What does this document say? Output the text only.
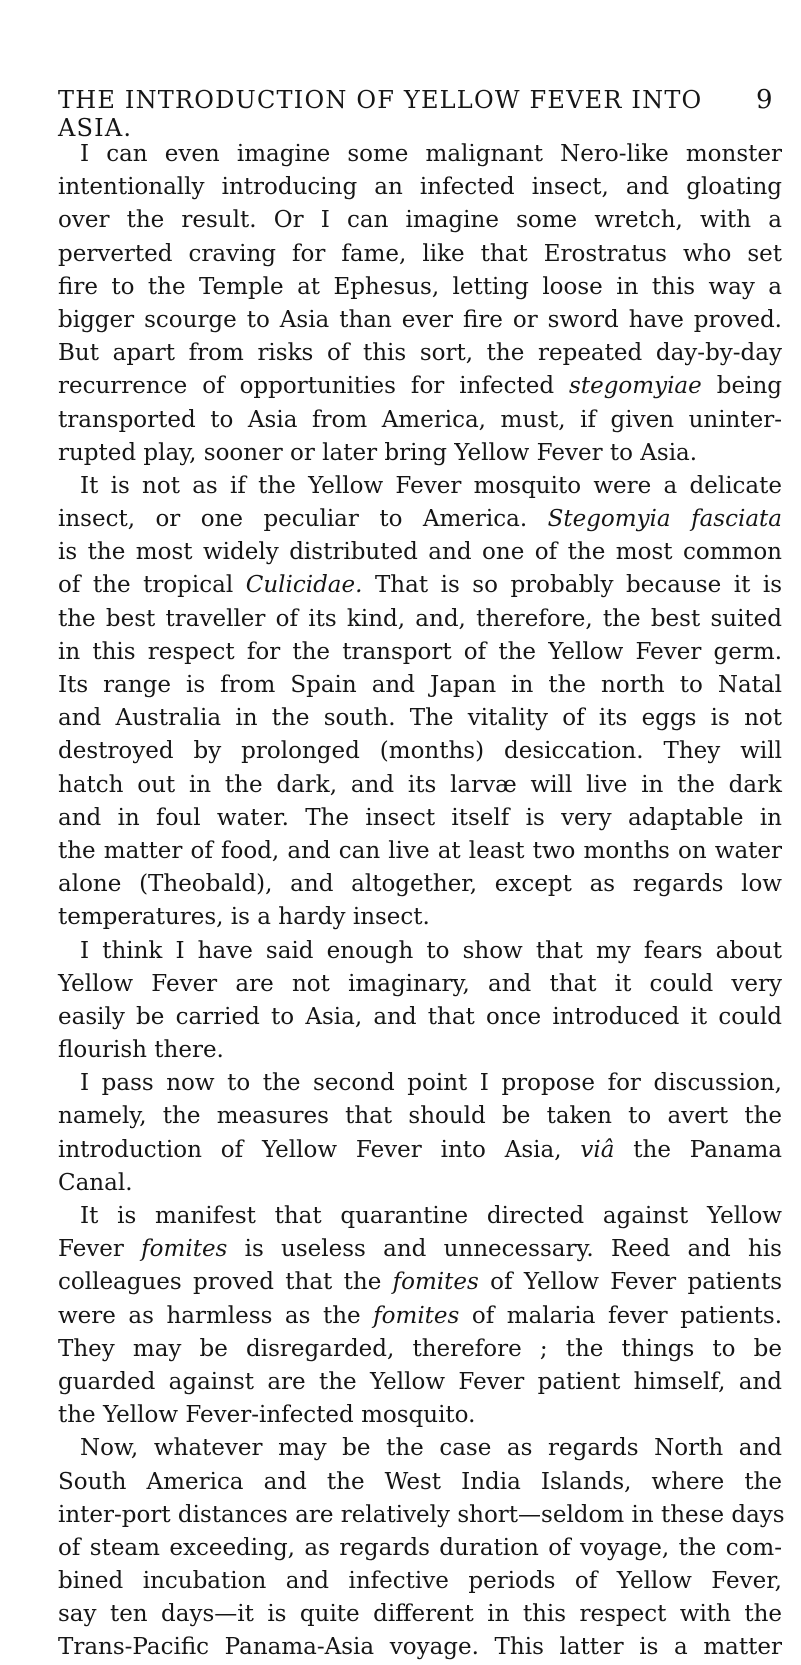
THE INTRODUCTION OF YELLOW FEVER INTO ASIA.
9
I can even imagine some malignant Nero-like monster
intentionally introducing an infected insect, and gloating
over the result. Or I can imagine some wretch, with a
perverted craving for fame, like that Erostratus who set
fire to the Temple at Ephesus, letting loose in this way a
bigger scourge to Asia than ever fire or sword have proved.
But apart from risks of this sort, the repeated day-by-day
recurrence of opportunities for infected stegomyiae being
transported to Asia from America, must, if given uninter-
rupted play, sooner or later bring Yellow Fever to Asia.
It is not as if the Yellow Fever mosquito were a delicate
insect, or one peculiar to America. Stegomyia fasciata
is the most widely distributed and one of the most common
of the tropical Culicidae. That is so probably because it is
the best traveller of its kind, and, therefore, the best suited
in this respect for the transport of the Yellow Fever germ.
Its range is from Spain and Japan in the north to Natal
and Australia in the south. The vitality of its eggs is not
destroyed by prolonged (months) desiccation. They will
hatch out in the dark, and its larvæ will live in the dark
and in foul water. The insect itself is very adaptable in
the matter of food, and can live at least two months on water
alone (Theobald), and altogether, except as regards low
temperatures, is a hardy insect.
I think I have said enough to show that my fears about
Yellow Fever are not imaginary, and that it could very
easily be carried to Asia, and that once introduced it could
flourish there.
I pass now to the second point I propose for discussion,
namely, the measures that should be taken to avert the
introduction of Yellow Fever into Asia, viâ the Panama
Canal.
It is manifest that quarantine directed against Yellow
Fever fomites is useless and unnecessary. Reed and his
colleagues proved that the fomites of Yellow Fever patients
were as harmless as the fomites of malaria fever patients.
They may be disregarded, therefore ; the things to be
guarded against are the Yellow Fever patient himself, and
the Yellow Fever-infected mosquito.
Now, whatever may be the case as regards North and
South America and the West India Islands, where the
inter-port distances are relatively short—seldom in these days
of steam exceeding, as regards duration of voyage, the com-
bined incubation and infective periods of Yellow Fever,
say ten days—it is quite different in this respect with the
Trans-Pacific Panama-Asia voyage. This latter is a matter
